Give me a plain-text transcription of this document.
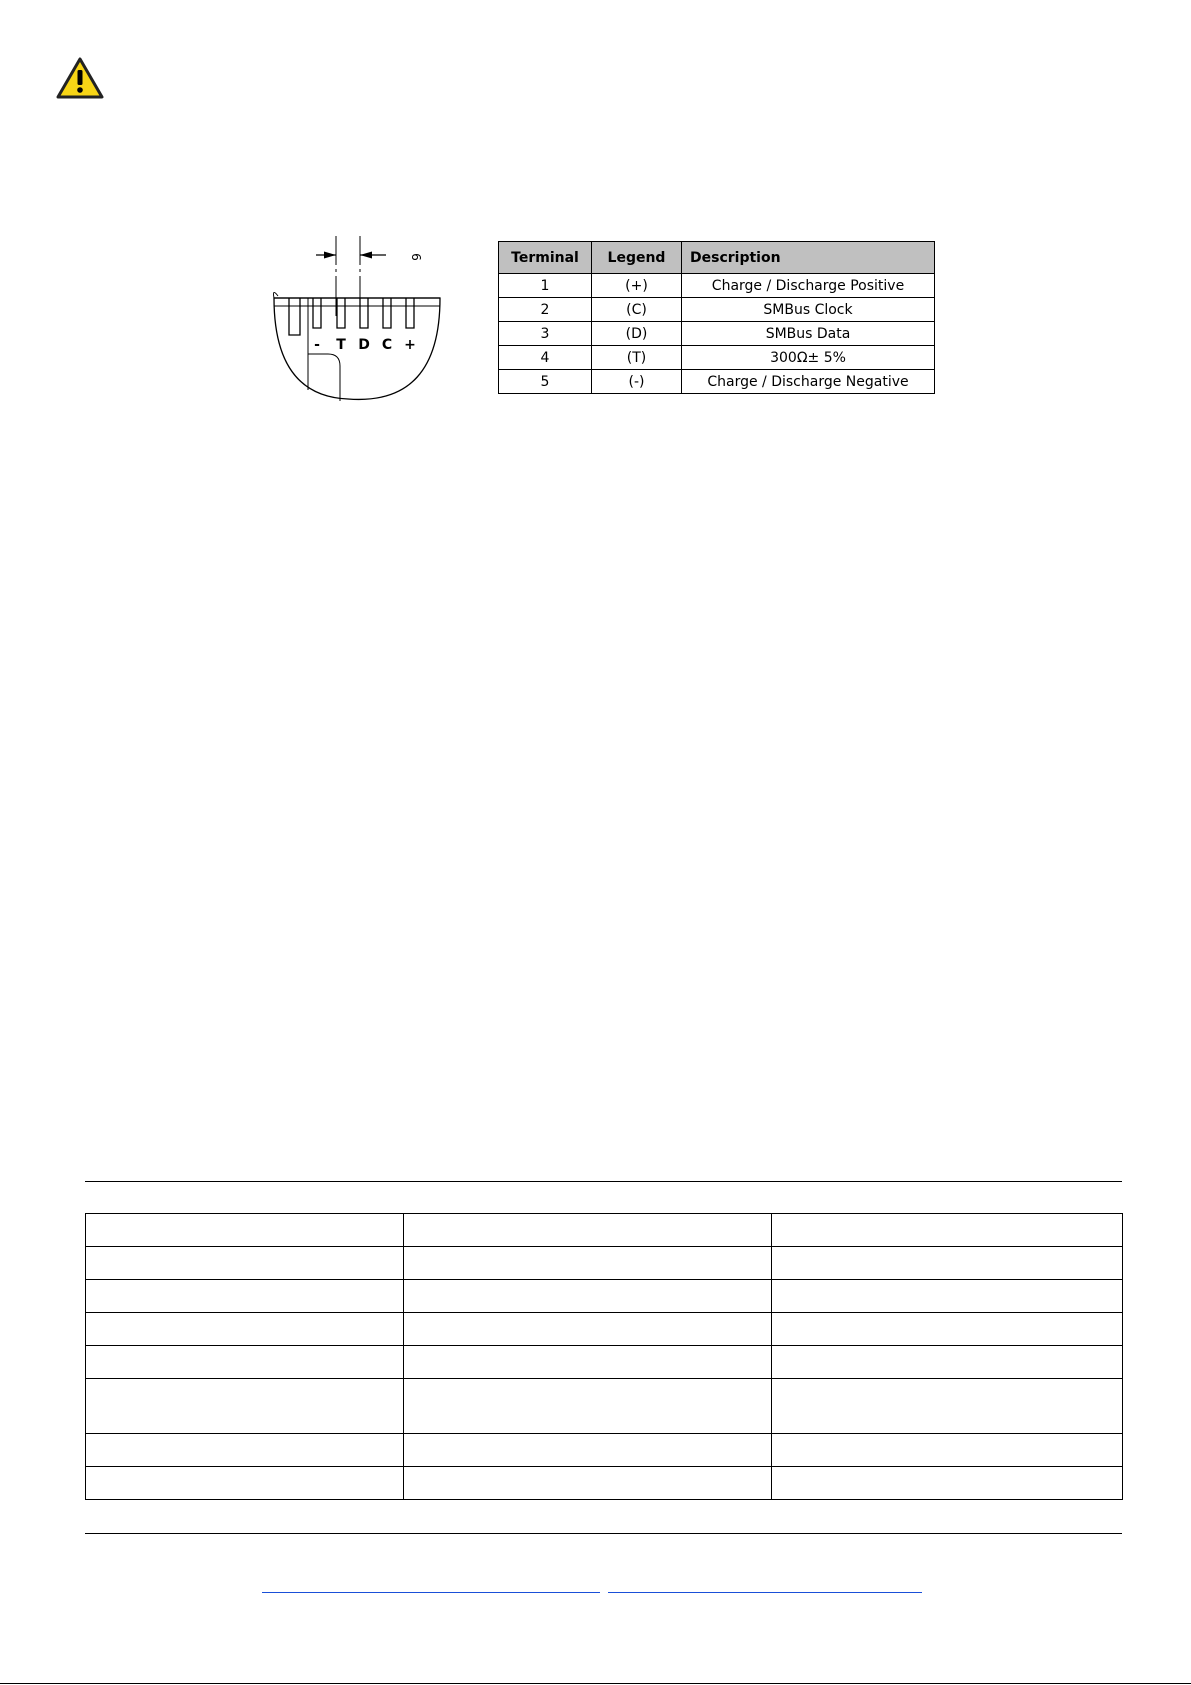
6
- T D C +
Terminal	Legend	Description
1	(+)	Charge / Discharge Positive
2	(C)	SMBus Clock
3	(D)	SMBus Data
4	(T)	300Ω± 5%
5	(-)	Charge / Discharge Negative
